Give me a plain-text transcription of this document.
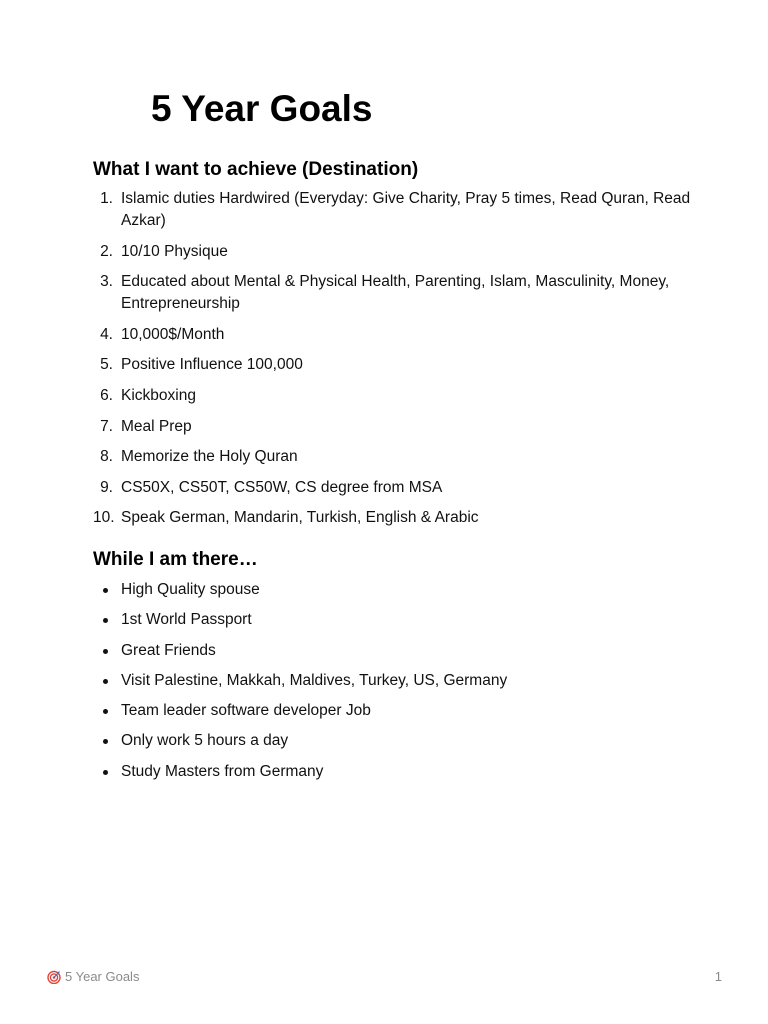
5 Year Goals
What I want to achieve (Destination)
1. Islamic duties Hardwired (Everyday: Give Charity, Pray 5 times, Read Quran, Read Azkar)
2. 10/10 Physique
3. Educated about Mental & Physical Health, Parenting, Islam, Masculinity, Money, Entrepreneurship
4. 10,000$/Month
5. Positive Influence 100,000
6. Kickboxing
7. Meal Prep
8. Memorize the Holy Quran
9. CS50X, CS50T, CS50W, CS degree from MSA
10. Speak German, Mandarin, Turkish, English & Arabic
While I am there…
High Quality spouse
1st World Passport
Great Friends
Visit Palestine, Makkah, Maldives, Turkey, US, Germany
Team leader software developer Job
Only work 5 hours a day
Study Masters from Germany
5 Year Goals	1
